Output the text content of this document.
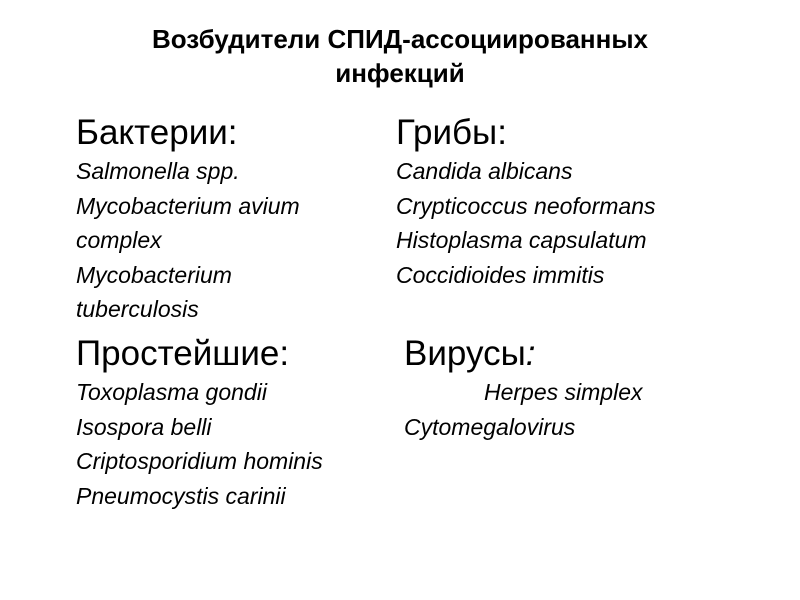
Возбудители СПИД-ассоциированных
инфекций
Бактерии:
Salmonella spp.
Mycobacterium avium
complex
Mycobacterium
tuberculosis
Грибы:
Candida albicans
Crypticoccus neoformans
Histoplasma capsulatum
Coccidioides immitis
Простейшие:
Toxoplasma gondii
Isospora belli
Criptosporidium hominis
Pneumocystis carinii
Вирусы:
Herpes simplex
Cytomegalovirus
